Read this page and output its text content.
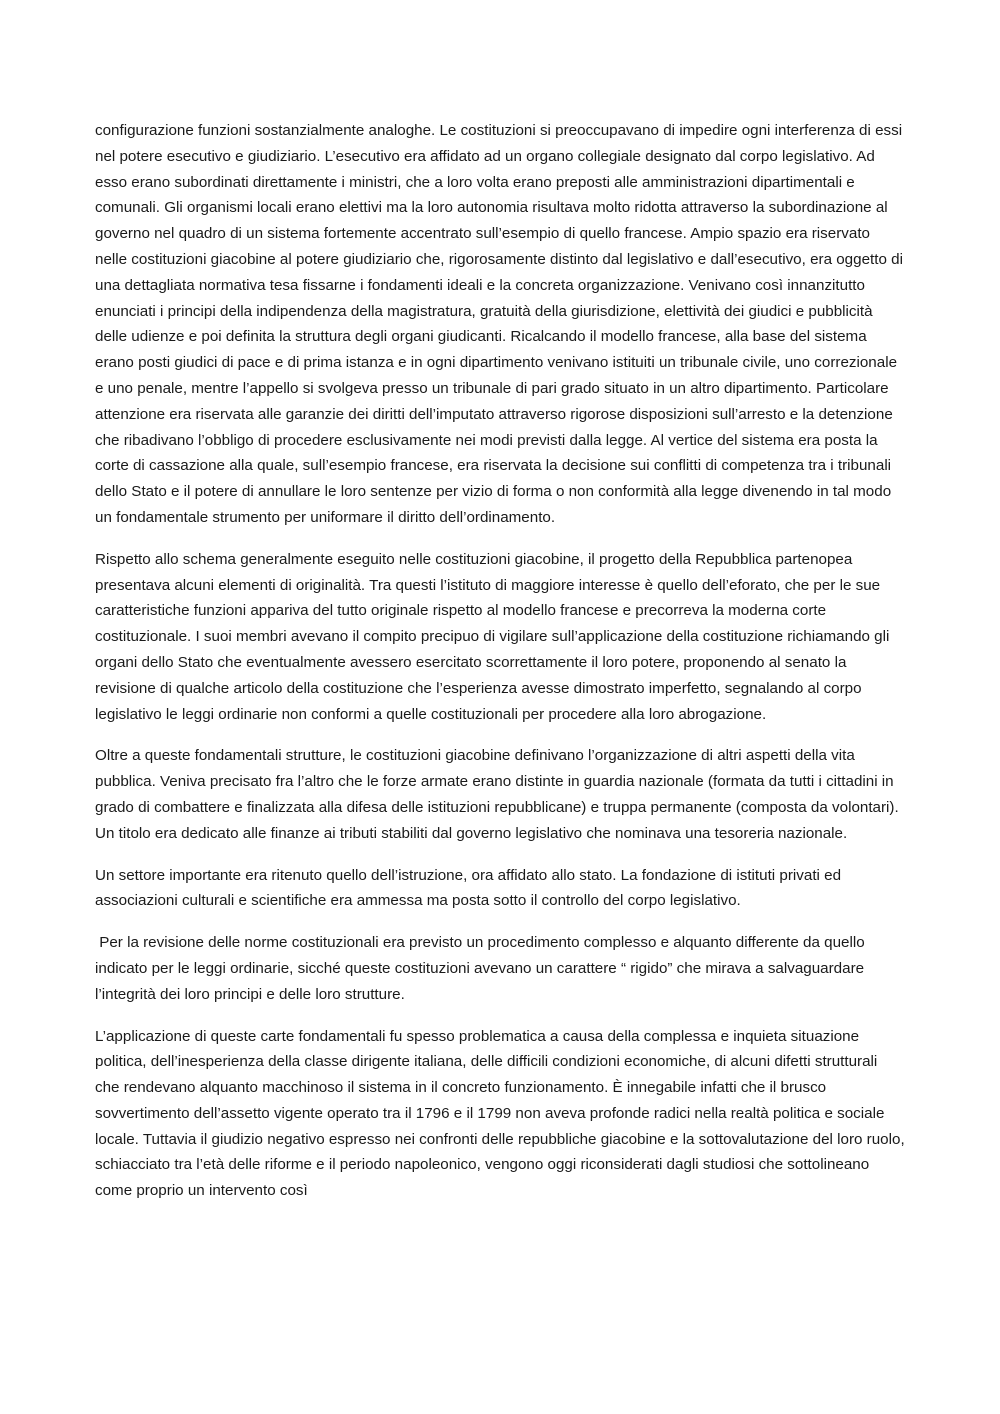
configurazione funzioni sostanzialmente analoghe. Le costituzioni si preoccupavano di impedire ogni interferenza di essi nel potere esecutivo e giudiziario. L’esecutivo era affidato ad un organo collegiale designato dal corpo legislativo. Ad esso erano subordinati direttamente i ministri, che a loro volta erano preposti alle amministrazioni dipartimentali e comunali. Gli organismi locali erano elettivi ma la loro autonomia risultava molto ridotta attraverso la subordinazione al governo nel quadro di un sistema fortemente accentrato sull’esempio di quello francese. Ampio spazio era riservato nelle costituzioni giacobine al potere giudiziario che, rigorosamente distinto dal legislativo e dall’esecutivo, era oggetto di una dettagliata normativa tesa fissarne i fondamenti ideali e la concreta organizzazione. Venivano così innanzitutto enunciati i principi della indipendenza della magistratura, gratuità della giurisdizione, elettività dei giudici e pubblicità delle udienze e poi definita la struttura degli organi giudicanti. Ricalcando il modello francese, alla base del sistema erano posti giudici di pace e di prima istanza e in ogni dipartimento venivano istituiti un tribunale civile, uno correzionale e uno penale, mentre l’appello si svolgeva presso un tribunale di pari grado situato in un altro dipartimento. Particolare attenzione era riservata alle garanzie dei diritti dell’imputato attraverso rigorose disposizioni sull’arresto e la detenzione che ribadivano l’obbligo di procedere esclusivamente nei modi previsti dalla legge. Al vertice del sistema era posta la corte di cassazione alla quale, sull’esempio francese, era riservata la decisione sui conflitti di competenza tra i tribunali dello Stato e il potere di annullare le loro sentenze per vizio di forma o non conformità alla legge divenendo in tal modo un fondamentale strumento per uniformare il diritto dell’ordinamento.

Rispetto allo schema generalmente eseguito nelle costituzioni giacobine, il progetto della Repubblica partenopea presentava alcuni elementi di originalità. Tra questi l’istituto di maggiore interesse è quello dell’eforato, che per le sue caratteristiche funzioni appariva del tutto originale rispetto al modello francese e precorreva la moderna corte costituzionale. I suoi membri avevano il compito precipuo di vigilare sull’applicazione della costituzione richiamando gli organi dello Stato che eventualmente avessero esercitato scorrettamente il loro potere, proponendo al senato la revisione di qualche articolo della costituzione che l’esperienza avesse dimostrato imperfetto, segnalando al corpo legislativo le leggi ordinarie non conformi a quelle costituzionali per procedere alla loro abrogazione.

Oltre a queste fondamentali strutture, le costituzioni giacobine definivano l’organizzazione di altri aspetti della vita pubblica. Veniva precisato fra l’altro che le forze armate erano distinte in guardia nazionale (formata da tutti i cittadini in grado di combattere e finalizzata alla difesa delle istituzioni repubblicane) e truppa permanente (composta da volontari). Un titolo era dedicato alle finanze ai tributi stabiliti dal governo legislativo che nominava una tesoreria nazionale.

Un settore importante era ritenuto quello dell’istruzione, ora affidato allo stato. La fondazione di istituti privati ed associazioni culturali e scientifiche era ammessa ma posta sotto il controllo del corpo legislativo.

Per la revisione delle norme costituzionali era previsto un procedimento complesso e alquanto differente da quello indicato per le leggi ordinarie, sicché queste costituzioni avevano un carattere “ rigido” che mirava a salvaguardare l’integrità dei loro principi e delle loro strutture.

L’applicazione di queste carte fondamentali fu spesso problematica a causa della complessa e inquieta situazione politica, dell’inesperienza della classe dirigente italiana, delle difficili condizioni economiche, di alcuni difetti strutturali che rendevano alquanto macchinoso il sistema in il concreto funzionamento. È innegabile infatti che il brusco sovvertimento dell’assetto vigente operato tra il 1796 e il 1799 non aveva profonde radici nella realtà politica e sociale locale. Tuttavia il giudizio negativo espresso nei confronti delle repubbliche giacobine e la sottovalutazione del loro ruolo, schiacciato tra l’età delle riforme e il periodo napoleonico, vengono oggi riconsiderati dagli studiosi che sottolineano come proprio un intervento così
